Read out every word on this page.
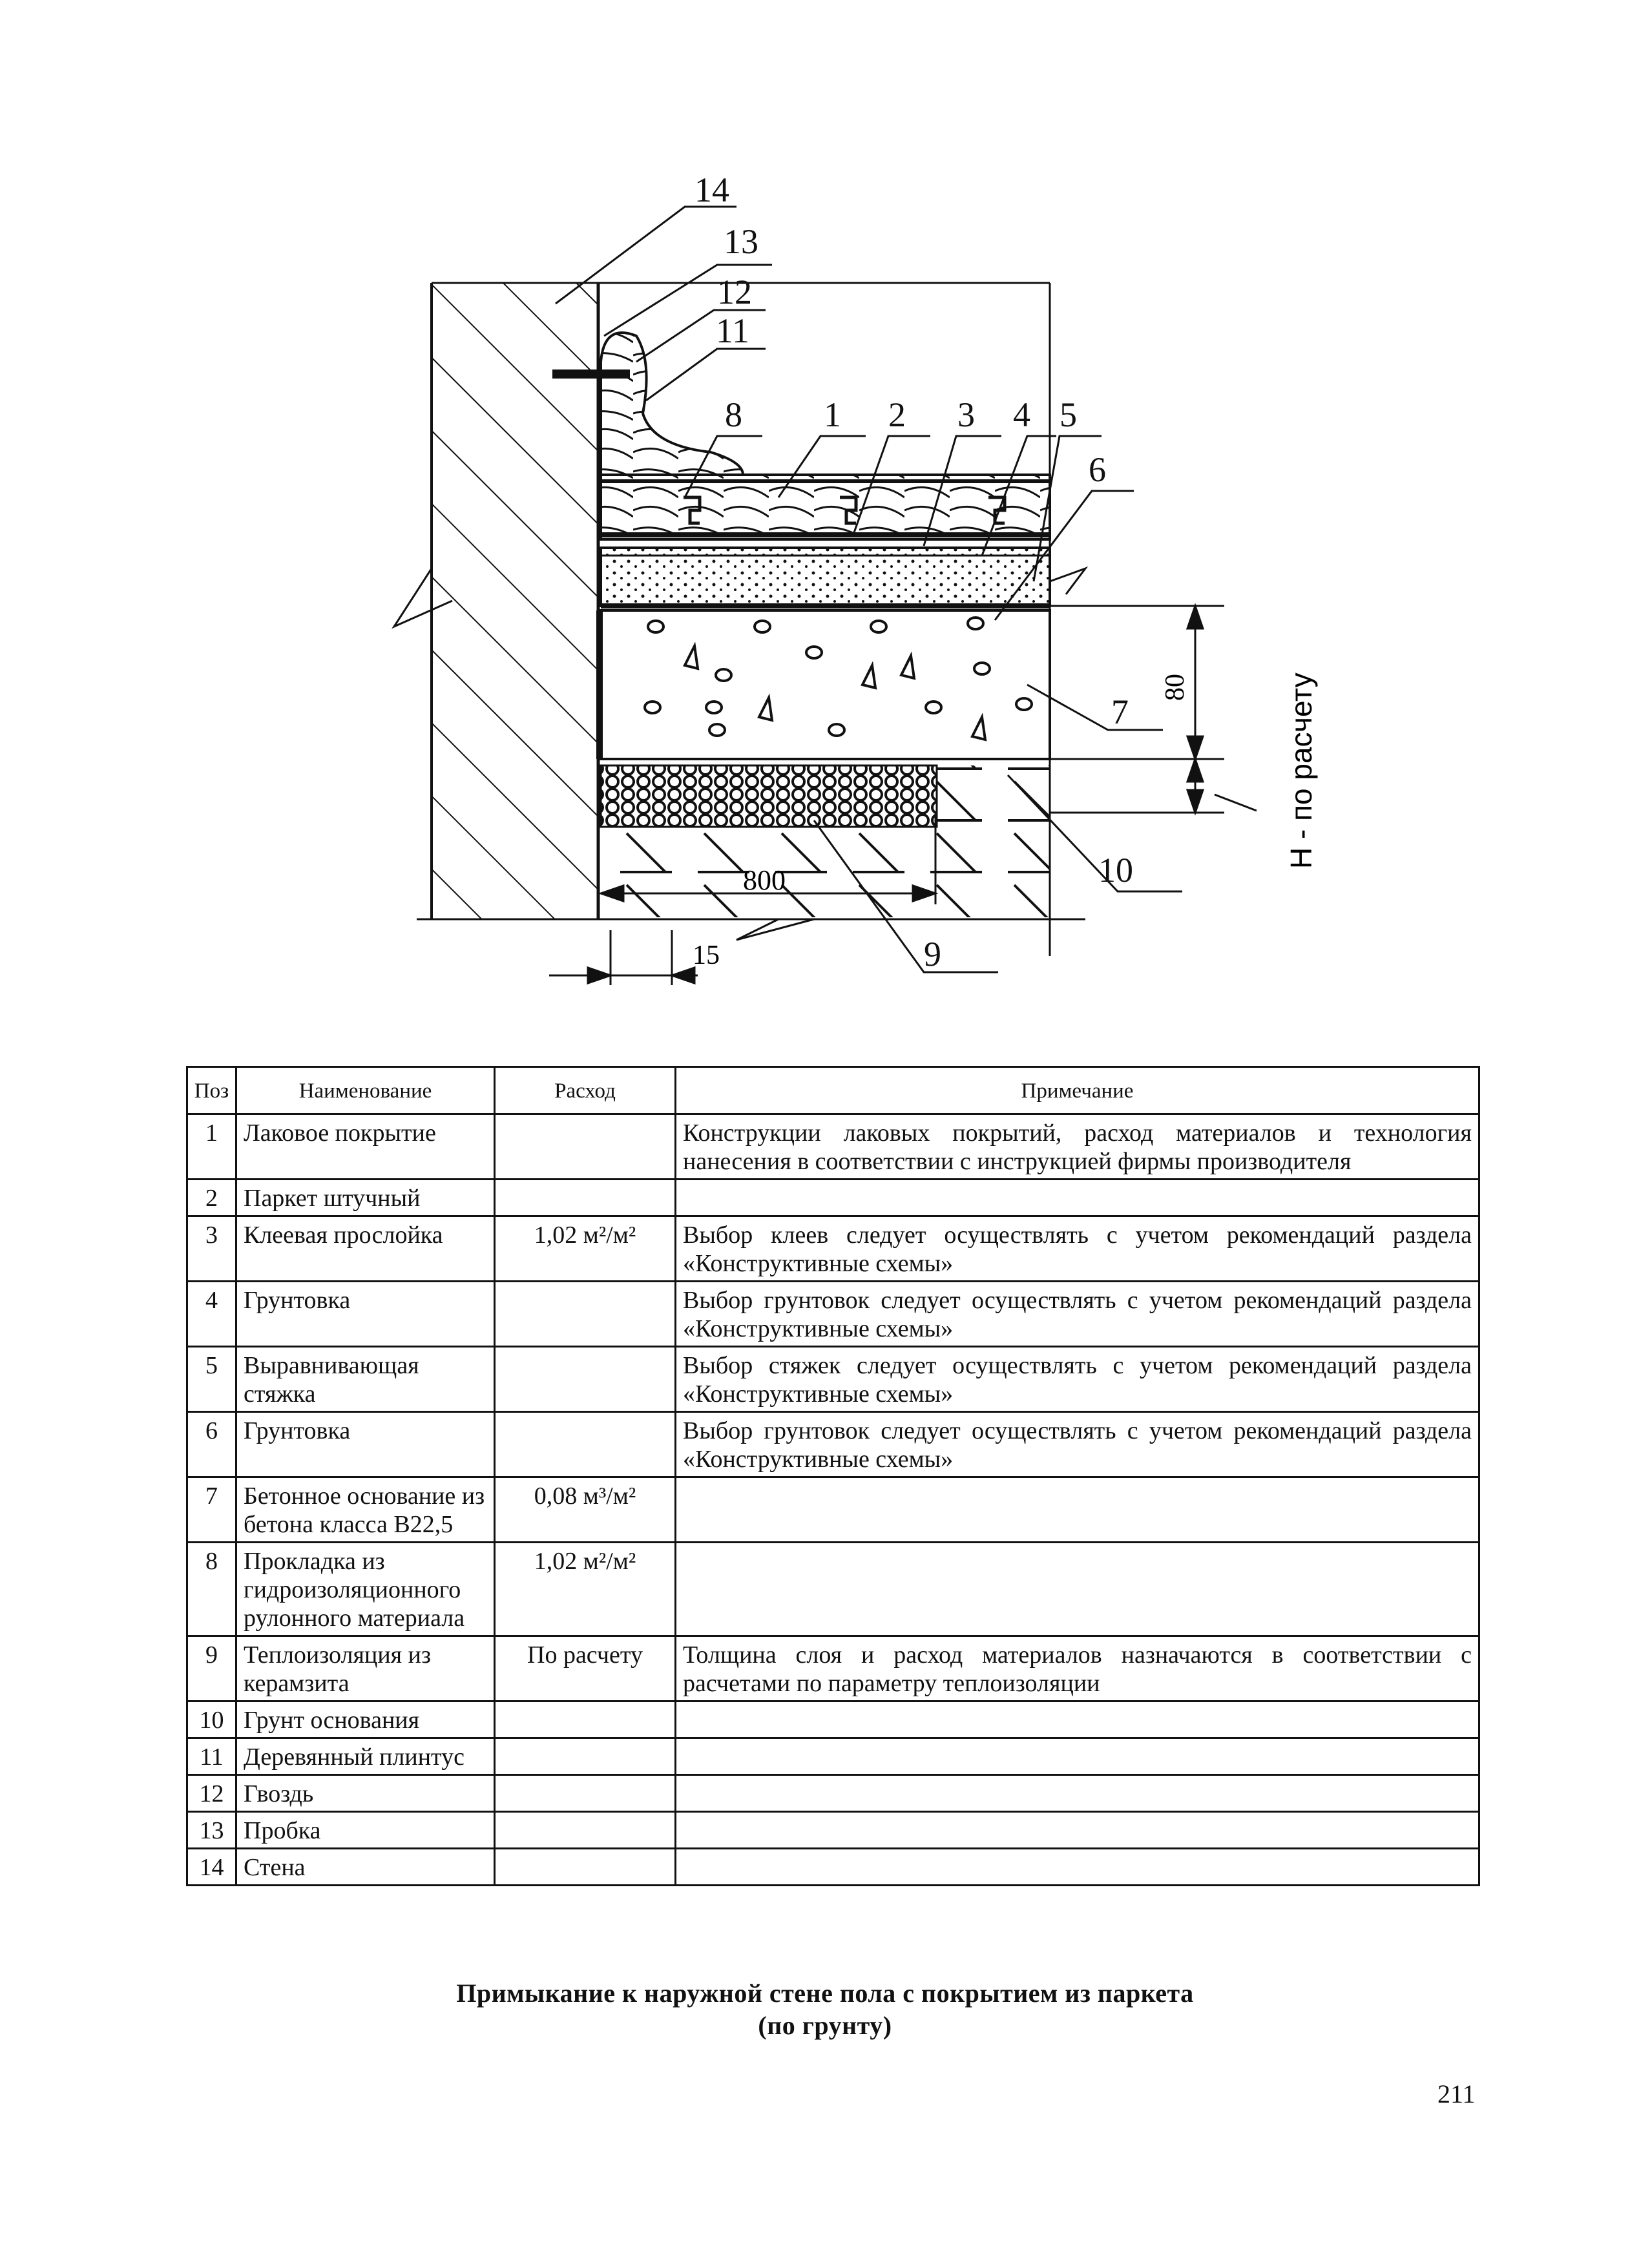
14
13
12
11
8 1 2 3 4 5
6
7
10
9
80	Н - по расчету
800
15
Поз	Наименование	Расход	Примечание
1	Лаковое покрытие		Конструкции лаковых покрытий, расход материалов и технология нанесения в соответствии с инструкцией фирмы производителя
2	Паркет штучный		
3	Клеевая прослойка	1,02 м²/м²	Выбор клеев следует осуществлять с учетом рекомендаций раздела «Конструктивные схемы»
4	Грунтовка		Выбор грунтовок следует осуществлять с учетом рекомендаций раздела «Конструктивные схемы»
5	Выравнивающая стяжка		Выбор стяжек следует осуществлять с учетом рекомендаций раздела «Конструктивные схемы»
6	Грунтовка		Выбор грунтовок следует осуществлять с учетом рекомендаций раздела «Конструктивные схемы»
7	Бетонное основание из бетона класса В22,5	0,08 м³/м²	
8	Прокладка из гидроизоляционного рулонного материала	1,02 м²/м²	
9	Теплоизоляция из керамзита	По расчету	Толщина слоя и расход материалов назначаются в соответствии с расчетами по параметру теплоизоляции
10	Грунт основания		
11	Деревянный плинтус		
12	Гвоздь		
13	Пробка		
14	Стена		
Примыкание к наружной стене пола с покрытием из паркета
(по грунту)
211
